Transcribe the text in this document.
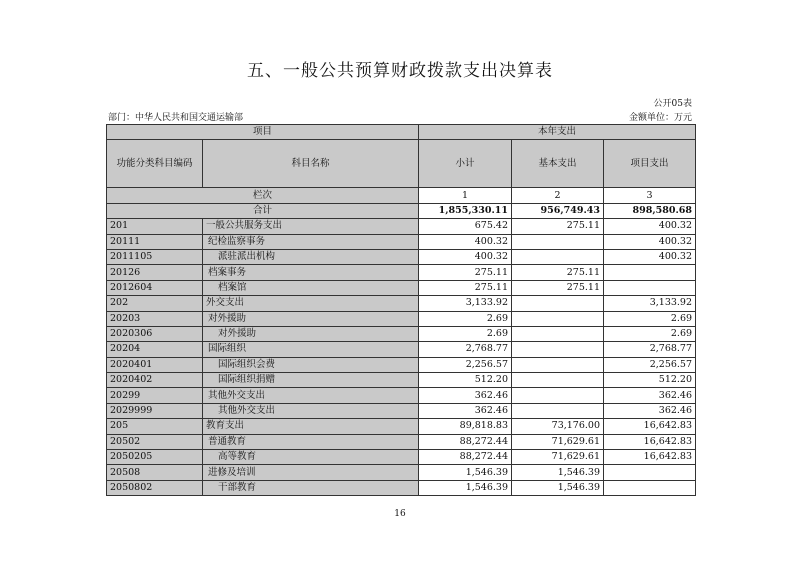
五、一般公共预算财政拨款支出决算表
公开05表
部门：中华人民共和国交通运输部	金额单位：万元
项目		本年支出		
功能分类科目编码	科目名称	小计	基本支出	项目支出
栏次		1	2	3
合计		1,855,330.11	956,749.43	898,580.68
201	一般公共服务支出	675.42	275.11	400.32
20111	纪检监察事务	400.32		400.32
2011105	派驻派出机构	400.32		400.32
20126	档案事务	275.11	275.11	
2012604	档案馆	275.11	275.11	
202	外交支出	3,133.92		3,133.92
20203	对外援助	2.69		2.69
2020306	对外援助	2.69		2.69
20204	国际组织	2,768.77		2,768.77
2020401	国际组织会费	2,256.57		2,256.57
2020402	国际组织捐赠	512.20		512.20
20299	其他外交支出	362.46		362.46
2029999	其他外交支出	362.46		362.46
205	教育支出	89,818.83	73,176.00	16,642.83
20502	普通教育	88,272.44	71,629.61	16,642.83
2050205	高等教育	88,272.44	71,629.61	16,642.83
20508	进修及培训	1,546.39	1,546.39	
2050802	干部教育	1,546.39	1,546.39	
16
